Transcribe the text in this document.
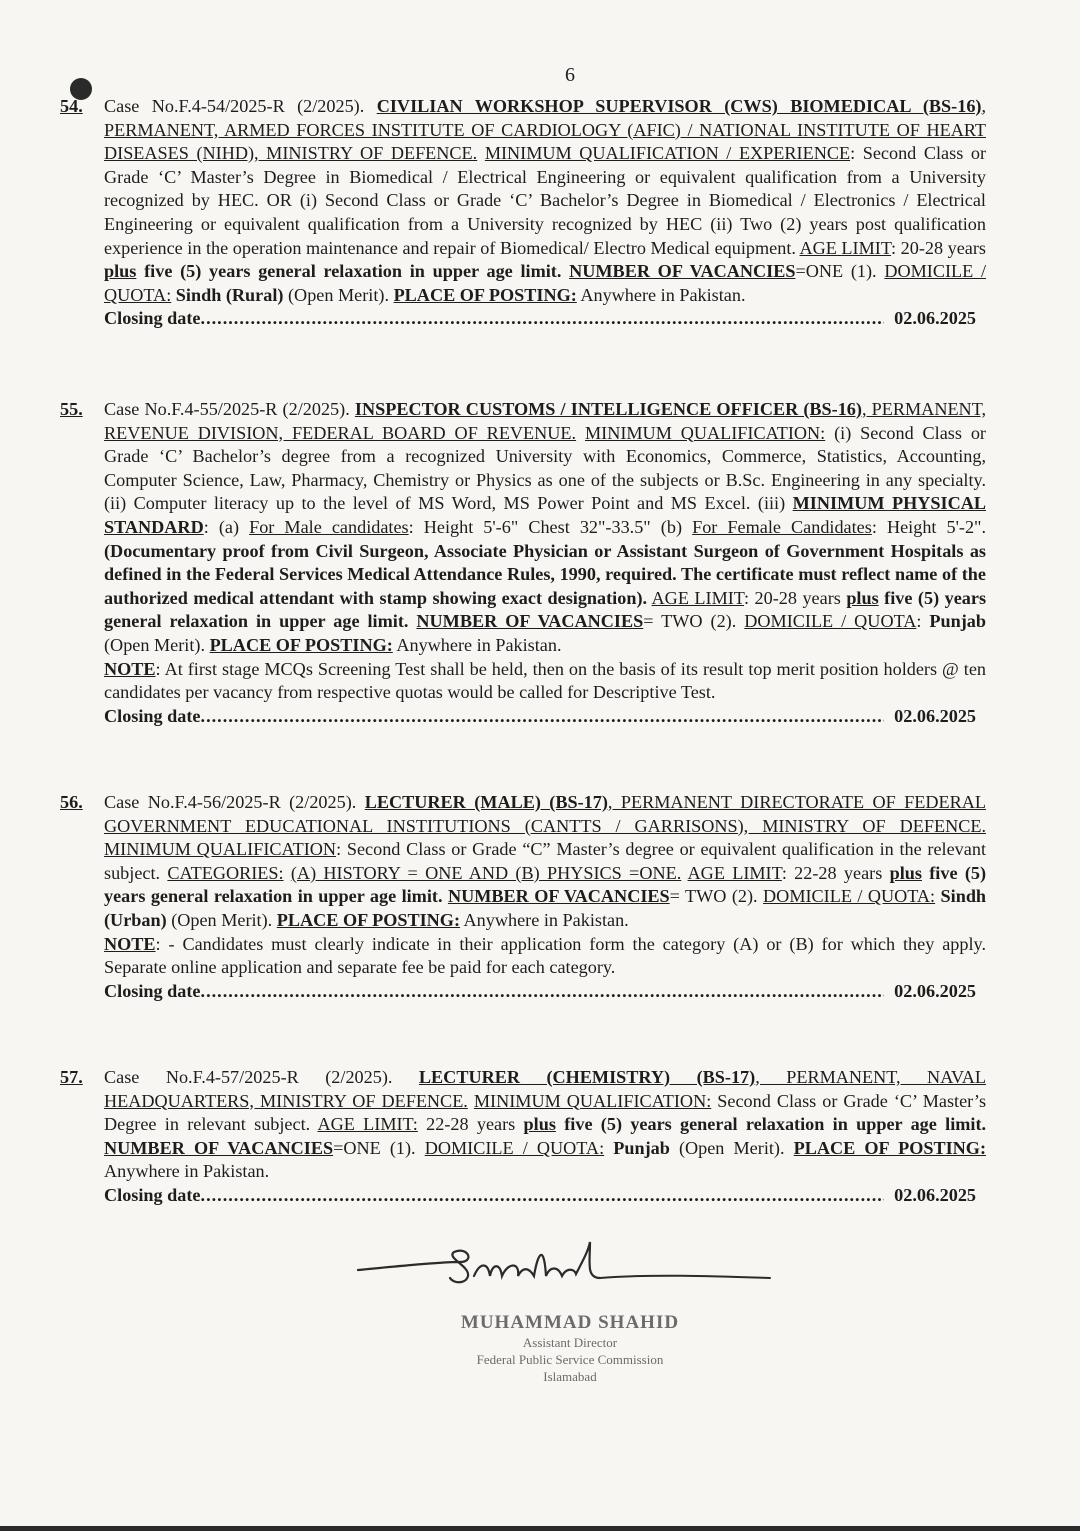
6
54. Case No.F.4-54/2025-R (2/2025). CIVILIAN WORKSHOP SUPERVISOR (CWS) BIOMEDICAL (BS-16), PERMANENT, ARMED FORCES INSTITUTE OF CARDIOLOGY (AFIC) / NATIONAL INSTITUTE OF HEART DISEASES (NIHD), MINISTRY OF DEFENCE. MINIMUM QUALIFICATION / EXPERIENCE: Second Class or Grade ‘C’ Master’s Degree in Biomedical / Electrical Engineering or equivalent qualification from a University recognized by HEC. OR (i) Second Class or Grade ‘C’ Bachelor’s Degree in Biomedical / Electronics / Electrical Engineering or equivalent qualification from a University recognized by HEC (ii) Two (2) years post qualification experience in the operation maintenance and repair of Biomedical/ Electro Medical equipment. AGE LIMIT: 20-28 years plus five (5) years general relaxation in upper age limit. NUMBER OF VACANCIES=ONE (1). DOMICILE / QUOTA: Sindh (Rural) (Open Merit). PLACE OF POSTING: Anywhere in Pakistan.

Closing date .....	02.06.2025
55. Case No.F.4-55/2025-R (2/2025). INSPECTOR CUSTOMS / INTELLIGENCE OFFICER (BS-16), PERMANENT, REVENUE DIVISION, FEDERAL BOARD OF REVENUE. MINIMUM QUALIFICATION: (i) Second Class or Grade ‘C’ Bachelor’s degree from a recognized University with Economics, Commerce, Statistics, Accounting, Computer Science, Law, Pharmacy, Chemistry or Physics as one of the subjects or B.Sc. Engineering in any specialty. (ii) Computer literacy up to the level of MS Word, MS Power Point and MS Excel. (iii) MINIMUM PHYSICAL STANDARD: (a) For Male candidates: Height 5'-6" Chest 32"-33.5" (b) For Female Candidates: Height 5'-2". (Documentary proof from Civil Surgeon, Associate Physician or Assistant Surgeon of Government Hospitals as defined in the Federal Services Medical Attendance Rules, 1990, required. The certificate must reflect name of the authorized medical attendant with stamp showing exact designation). AGE LIMIT: 20-28 years plus five (5) years general relaxation in upper age limit. NUMBER OF VACANCIES= TWO (2). DOMICILE / QUOTA: Punjab (Open Merit). PLACE OF POSTING: Anywhere in Pakistan.

NOTE: At first stage MCQs Screening Test shall be held, then on the basis of its result top merit position holders @ ten candidates per vacancy from respective quotas would be called for Descriptive Test.

Closing date .....	02.06.2025
56. Case No.F.4-56/2025-R (2/2025). LECTURER (MALE) (BS-17), PERMANENT DIRECTORATE OF FEDERAL GOVERNMENT EDUCATIONAL INSTITUTIONS (CANTTS / GARRISONS), MINISTRY OF DEFENCE. MINIMUM QUALIFICATION: Second Class or Grade “C” Master’s degree or equivalent qualification in the relevant subject. CATEGORIES: (A) HISTORY = ONE AND (B) PHYSICS =ONE. AGE LIMIT: 22-28 years plus five (5) years general relaxation in upper age limit. NUMBER OF VACANCIES= TWO (2). DOMICILE / QUOTA: Sindh (Urban) (Open Merit). PLACE OF POSTING: Anywhere in Pakistan.

NOTE: - Candidates must clearly indicate in their application form the category (A) or (B) for which they apply. Separate online application and separate fee be paid for each category.

Closing date .....	02.06.2025
57. Case No.F.4-57/2025-R (2/2025). LECTURER (CHEMISTRY) (BS-17), PERMANENT, NAVAL HEADQUARTERS, MINISTRY OF DEFENCE. MINIMUM QUALIFICATION: Second Class or Grade ‘C’ Master’s Degree in relevant subject. AGE LIMIT: 22-28 years plus five (5) years general relaxation in upper age limit. NUMBER OF VACANCIES=ONE (1). DOMICILE / QUOTA: Punjab (Open Merit). PLACE OF POSTING: Anywhere in Pakistan.

Closing date .....	02.06.2025
MUHAMMAD SHAHID
Assistant Director
Federal Public Service Commission
Islamabad
